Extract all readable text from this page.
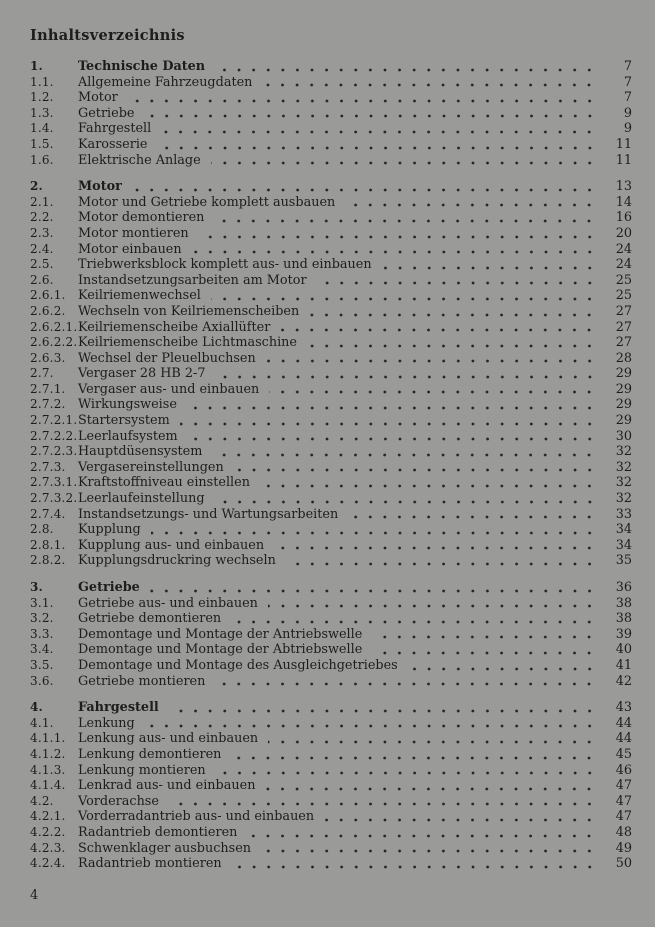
Inhaltsverzeichnis
1.	Technische Daten	7
1.1.	Allgemeine Fahrzeugdaten	7
1.2.	Motor	7
1.3.	Getriebe	9
1.4.	Fahrgestell	9
1.5.	Karosserie	11
1.6.	Elektrische Anlage	11
2.	Motor	13
2.1.	Motor und Getriebe komplett ausbauen	14
2.2.	Motor demontieren	16
2.3.	Motor montieren	20
2.4.	Motor einbauen	24
2.5.	Triebwerksblock komplett aus- und einbauen	24
2.6.	Instandsetzungsarbeiten am Motor	25
2.6.1. Keilriemenwechsel	25
2.6.2. Wechseln von Keilriemenscheiben	27
2.6.2.1. Keilriemenscheibe Axiallüfter	27
2.6.2.2. Keilriemenscheibe Lichtmaschine	27
2.6.3. Wechsel der Pleuelbuchsen	28
2.7.	Vergaser 28 HB 2-7	29
2.7.1. Vergaser aus- und einbauen	29
2.7.2. Wirkungsweise	29
2.7.2.1. Startersystem	29
2.7.2.2. Leerlaufsystem	30
2.7.2.3. Hauptdüsensystem	32
2.7.3. Vergasereinstellungen	32
2.7.3.1. Kraftstoffniveau einstellen	32
2.7.3.2. Leerlaufeinstellung	32
2.7.4. Instandsetzungs- und Wartungsarbeiten	33
2.8.	Kupplung	34
2.8.1. Kupplung aus- und einbauen	34
2.8.2. Kupplungsdruckring wechseln	35
3.	Getriebe	36
3.1.	Getriebe aus- und einbauen	38
3.2.	Getriebe demontieren	38
3.3.	Demontage und Montage der Antriebswelle	39
3.4.	Demontage und Montage der Abtriebswelle	40
3.5.	Demontage und Montage des Ausgleichgetriebes	41
3.6.	Getriebe montieren	42
4.	Fahrgestell	43
4.1.	Lenkung	44
4.1.1. Lenkung aus- und einbauen	44
4.1.2. Lenkung demontieren	45
4.1.3. Lenkung montieren	46
4.1.4. Lenkrad aus- und einbauen	47
4.2.	Vorderachse	47
4.2.1. Vorderradantrieb aus- und einbauen	47
4.2.2. Radantrieb demontieren	48
4.2.3. Schwenklager ausbuchsen	49
4.2.4. Radantrieb montieren	50
4
